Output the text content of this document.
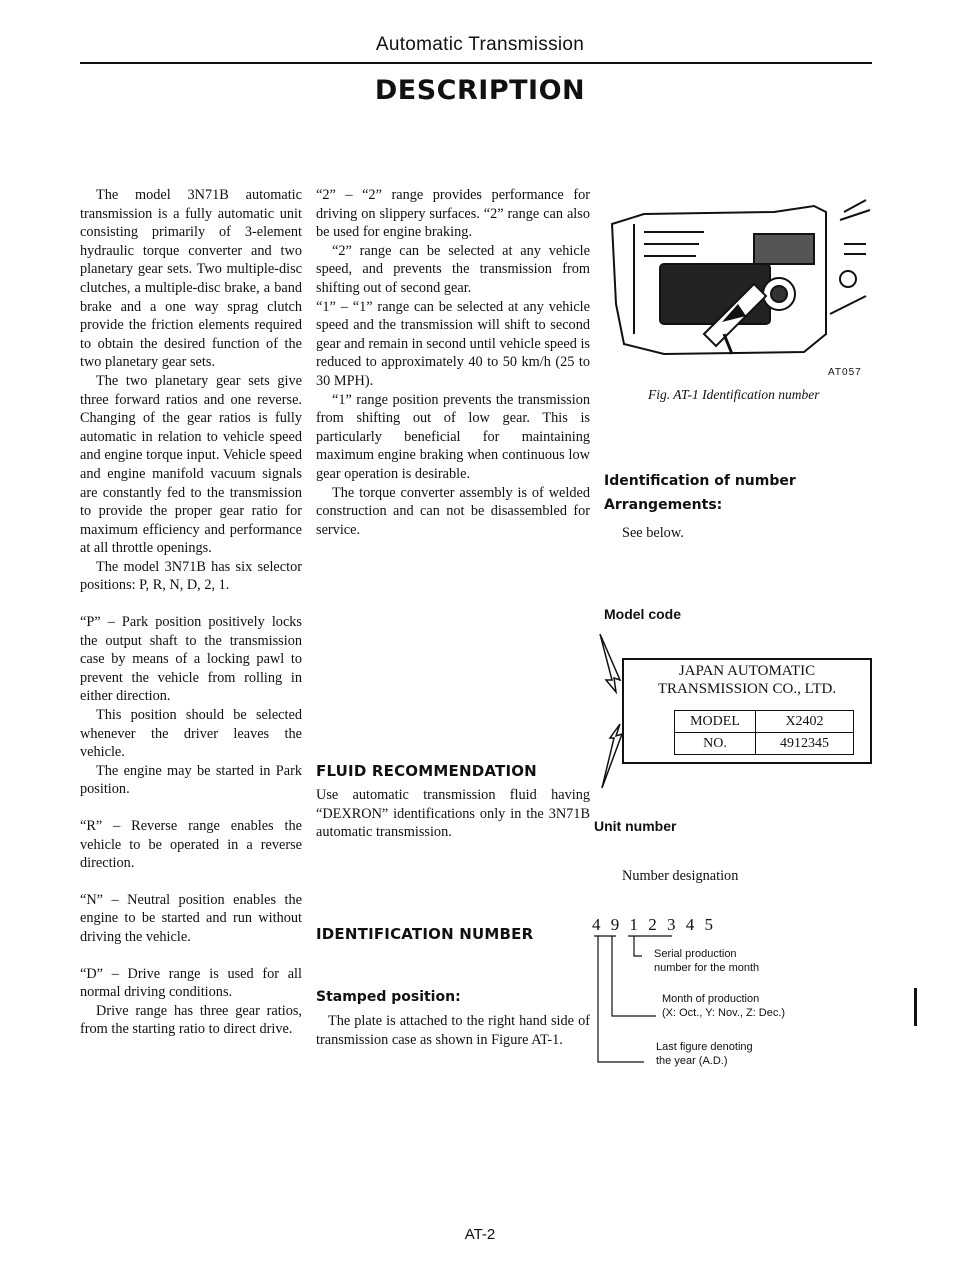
Automatic Transmission
DESCRIPTION

The model 3N71B automatic transmission is a fully automatic unit consisting primarily of 3-element hydraulic torque converter and two planetary gear sets. Two multiple-disc clutches, a multiple-disc brake, a band brake and a one way sprag clutch provide the friction elements required to obtain the desired function of the two planetary gear sets.

The two planetary gear sets give three forward ratios and one reverse. Changing of the gear ratios is fully automatic in relation to vehicle speed and engine torque input. Vehicle speed and engine manifold vacuum signals are constantly fed to the transmission to provide the proper gear ratio for maximum efficiency and performance at all throttle openings.

The model 3N71B has six selector positions: P, R, N, D, 2, 1.

“P” – Park position positively locks the output shaft to the transmission case by means of a locking pawl to prevent the vehicle from rolling in either direction.

This position should be selected whenever the driver leaves the vehicle.

The engine may be started in Park position.

“R” – Reverse range enables the vehicle to be operated in a reverse direction.

“N” – Neutral position enables the engine to be started and run without driving the vehicle.

“D” – Drive range is used for all normal driving conditions.

Drive range has three gear ratios, from the starting ratio to direct drive.

“2” – “2” range provides performance for driving on slippery surfaces. “2” range can also be used for engine braking.

“2” range can be selected at any vehicle speed, and prevents the transmission from shifting out of second gear.

“1” – “1” range can be selected at any vehicle speed and the transmission will shift to second gear and remain in second until vehicle speed is reduced to approximately 40 to 50 km/h (25 to 30 MPH).

“1” range position prevents the transmission from shifting out of low gear. This is particularly beneficial for maintaining maximum engine braking when continuous low gear operation is desirable.

The torque converter assembly is of welded construction and can not be disassembled for service.

FLUID RECOMMENDATION
Use automatic transmission fluid having “DEXRON” identifications only in the 3N71B automatic transmission.
IDENTIFICATION NUMBER
Stamped position:
The plate is attached to the right hand side of transmission case as shown in Figure AT-1.
AT057
Fig. AT-1 Identification number
Identification of number
Arrangements:
See below.
Model code
JAPAN AUTOMATIC
TRANSMISSION CO., LTD.
MODEL	X2402
NO.	4912345
Unit number
Number designation
4 9 1 2 3 4 5
Serial production
number for the month
Month of production
(X: Oct., Y: Nov., Z: Dec.)
Last figure denoting
the year (A.D.)
AT-2
